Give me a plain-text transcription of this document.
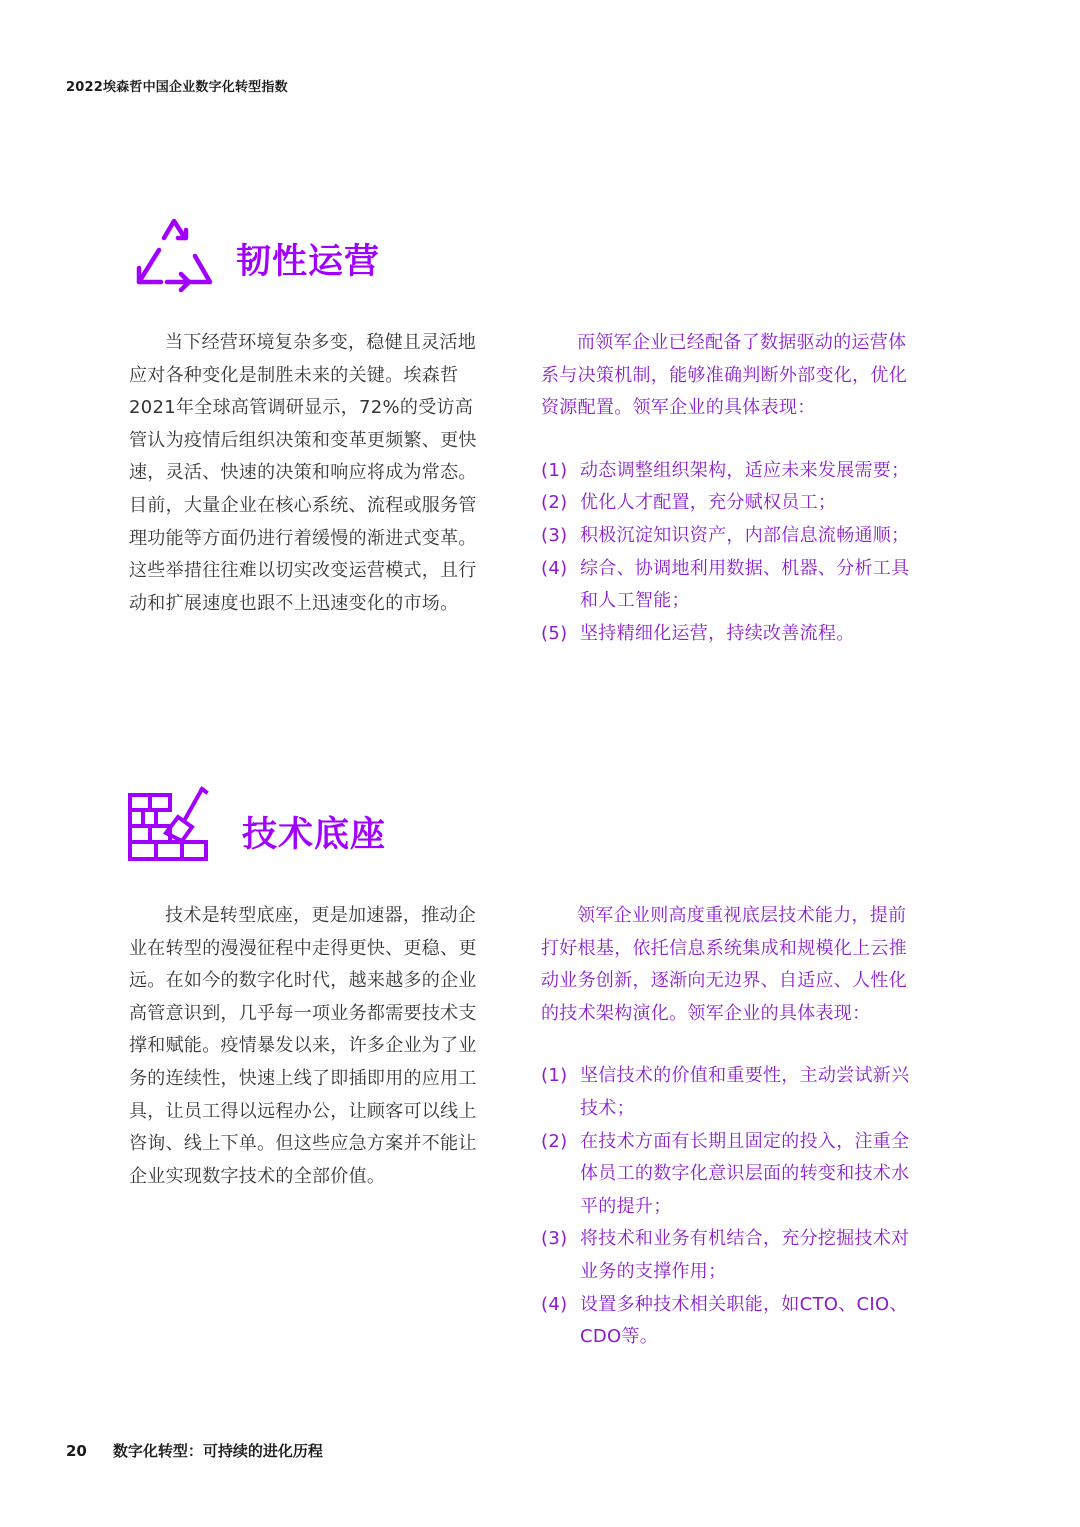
2022埃森哲中国企业数字化转型指数
韧性运营

当下经营环境复杂多变，稳健且灵活地应对各种变化是制胜未来的关键。埃森哲2021年全球高管调研显示，72%的受访高管认为疫情后组织决策和变革更频繁、更快速，灵活、快速的决策和响应将成为常态。目前，大量企业在核心系统、流程或服务管理功能等方面仍进行着缓慢的渐进式变革。这些举措往往难以切实改变运营模式，且行动和扩展速度也跟不上迅速变化的市场。

而领军企业已经配备了数据驱动的运营体系与决策机制，能够准确判断外部变化，优化资源配置。领军企业的具体表现：

(1) 动态调整组织架构，适应未来发展需要；
(2) 优化人才配置，充分赋权员工；
(3) 积极沉淀知识资产，内部信息流畅通顺；
(4) 综合、协调地利用数据、机器、分析工具和人工智能；
(5) 坚持精细化运营，持续改善流程。
技术底座

技术是转型底座，更是加速器，推动企业在转型的漫漫征程中走得更快、更稳、更远。在如今的数字化时代，越来越多的企业高管意识到，几乎每一项业务都需要技术支撑和赋能。疫情暴发以来，许多企业为了业务的连续性，快速上线了即插即用的应用工具，让员工得以远程办公，让顾客可以线上咨询、线上下单。但这些应急方案并不能让企业实现数字技术的全部价值。

领军企业则高度重视底层技术能力，提前打好根基，依托信息系统集成和规模化上云推动业务创新，逐渐向无边界、自适应、人性化的技术架构演化。领军企业的具体表现：

(1) 坚信技术的价值和重要性，主动尝试新兴技术；
(2) 在技术方面有长期且固定的投入，注重全体员工的数字化意识层面的转变和技术水平的提升；
(3) 将技术和业务有机结合，充分挖掘技术对业务的支撑作用；
(4) 设置多种技术相关职能，如CTO、CIO、CDO等。
20 数字化转型：可持续的进化历程
